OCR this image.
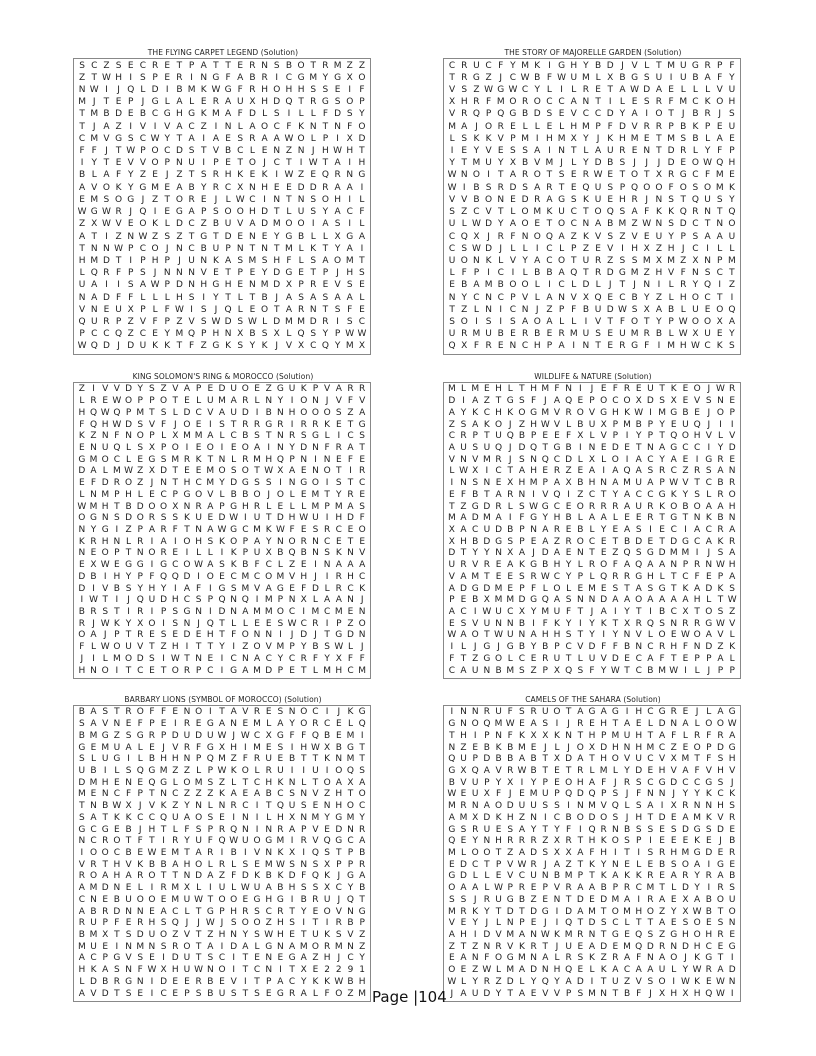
THE FLYING CARPET LEGEND (Solution)
S C Z S E C R E T P A T T E R N S B O T R M Z Z
Z T W H I S P E R I N G F A B R I C G M Y G X O
N W I	J Q L D I B M K W G F R H O H H S S E I F
M J T E P J G L A L E R A U X H D Q T R G S O P
T M B D E B C G H G K M A F D L S I L L F D S Y
T J A Z I V I V A C Z I N L A O C F K N T N F O
C M V G S C W Y T A I A E S R A A W O L P I X D
F F J T W P O C D S T V B C L E N Z N J H W H T
I Y T E V V O P N U I P E T O J C T I W T A I H
B L A F Y Z E J Z T S R H K E K I W Z E Q R N G
A V O K Y G M E A B Y R C X N H E E D D R A A I
E M S O G J Z T O R E J L W C I N T N S O H I L
W G W R J Q I E G A P S O O H D T L U S Y A C F
Z X W V E O K L D C Z B U V A D M O O I A S I L
A T I Z N W Z S Z T G T D E N E Y G B L L X G A
T N N W P C O J N C B U P N T N T M L K T Y A I
H M D T I P H P J U N K A S M S H F L S A O M T
L Q R F P S J N N N V E T P E Y D G E T P J H S
U A I	I S A W P D N H G H E N M D X P R E V S E
N A D F F L L L H S I Y T L T B J A S A S A A L
V N E U X P L F W I S J Q L E O T A R N T S F E
Q U R P Z V F P Z V S W D S W L D M M D R I S C
P C C Q Z C E Y M Q P H N X B S X L Q S Y P W W
W Q D J D U K K T F Z G K S Y K J V X C Q Y M X
THE STORY OF MAJORELLE GARDEN (Solution)
C R U C F Y M K I G H Y B D J V L T M U G R P F
T R G Z J C W B F W U M L X B G S U I U B A F Y
V S Z W G W C Y L I L R E T A W D A E L L L V U
X H R F M O R O C C A N T I L E S R F M C K O H
V R Q P Q G B D S E V C C D Y A I O T J B R J S
M A J O R E L L E L H M P F D V R R P B K P E U
L S K K V P M I H M X Y J K H M E T M S B L A E
I E Y V E S S A I N T L A U R E N T D R L Y F P
Y T M U Y X B V M J L Y D B S J	J	J D E O W Q H
W N O I T A R O T S E R W E T O T X R G C F M E
W I B S R D S A R T E Q U S P Q O O F O S O M K
V V B O N E D R A G S K U E H R J N S T Q U S Y
S Z C V T L O M K U C T O Q S A F K K Q R N T Q
U L W D Y A O E T O C N A B M Z W N S D C T N O
C Q X J R F N O Q A Z K V S Z V E U Y P S A A U
C S W D J L L I C L P Z E V I H X Z H J C I L L
U O N K L V Y A C O T U R Z S S M X M Z X N P M
L F P I C I L B B A Q T R D G M Z H V F N S C T
E B A M B O O L I C L D L J T J N I L R Y Q I Z
N Y C N C P V L A N V X Q E C B Y Z L H O C T I
T Z L N I C N J Z P F B U D W S X A B L U E O Q
S O I S I S A O A L L I V T F O T Y P W O O X A
U R M U B E R B E R M U S E U M R B L W X U E Y
Q X F R E N C H P A I N T E R G F I M H W C K S
KING SOLOMON'S RING & MOROCCO (Solution)
Z I V V D Y S Z V A P E D U O E Z G U K P V A R R
L R E W O P P O T E L U M A R L N Y I O N J V F V
H Q W Q P M T S L D C V A U D I B N H O O O S Z A
F Q H W D S V F J O E I S T R R G R I R R K E T G
K Z N F N O P L X M M A L C B S T N R S G L I C S
E N U Q L S X P O I E O I E O A I N Y D N F R A T
G M O C L E G S M R K T N L R M H Q P N I N E F E
D A L M W Z X D T E E M O S O T W X A E N O T I R
E F D R O Z J N T H C M Y D G S S I N G O I S T C
L N M P H L E C P G O V L B B O J O L E M T Y R E
W M H T B D O O X N R A P G H R L E L L M P M A S
O G N S D O R S S K U E D W I U T D H W U I H D F
N Y G I Z P A R F T N A W G C M K W F E S R C E O
K R H N L R I A I O H S K O P A Y N O R N C E T E
N E O P T N O R E I L L I K P U X B Q B N S K N V
E X W E G G I G C O W A S K B F C L Z E I N A A A
D B I H Y P F Q Q D I O E C M C O M V H J	I R H C
D I V B S Y H Y I A F I G S M V A G E F D L R C K
I W T I	J Q U D H C S P Q N Q I M P N X L A A N J
B R S T I R I P S G N I D N A M M O C I M C M E N
R J W K Y X O I S N J Q T L L E E S W C R I P Z O
O A J P T R E S E D E H T F O N N I	J D J T G D N
F L W O U V T Z H I T T Y I Z O V M P Y B S W L J
J	I L M O D S I W T N E I C N A C Y C R F Y X F F
H N O I T C E T O R P C I G A M D P E T L M H C M
WILDLIFE & NATURE (Solution)
M L M E H L T H M F N I	J E F R E U T K E O J W R
D I A Z T G S F J A Q E P O C O X D S X E V S N E
A Y K C H K O G M V R O V G H K W I M G B E J O P
Z S A K O J Z H W V L B U X P M B P Y E U Q J	I	I
C R P T U Q B P E E F X L V P I Y P T Q O H V L V
A U S U Q J D Q T G B I N E D E T N A G C C I Y D
V N V M R J S N Q C D L X L O I A C Y A E I G R E
L W X I C T A H E R Z E A I A Q A S R C Z R S A N
I N S N E X H M P A X B H N A M U A P W V T C B R
E F B T A R N I V Q I Z C T Y A C C G K Y S L R O
T Z G D R L S W G C E O R R R A U R K O B O A A H
M A D M A I F G Y H B L A A L E E R T G T N K B N
X A C U D B P N A R E B L Y E A S I E C I A C R A
X H B D G S P E A Z R O C E T B D E T D G C A K R
D T Y Y N X A J D A E N T E Z Q S G D M M I	J S A
U R V R E A K G B H Y L R O F A Q A A N P R N W H
V A M T E E S R W C Y P L Q R R G H L T C F E P A
A D G D M E P F L O L E M E S T A S G T K A D K S
P E B X M M D G Q A S N N D A A O A A A A H L T W
A C I W U C X Y M U F T J A I Y T I B C X T O S Z
E S V U N N B I F K Y I Y K T X R Q S N R R G W V
W A O T W U N A H H S T Y I Y N V L O E W O A V L
I L J G J G B Y B P C V D F F B N C R H F N D Z K
F T Z G O L C E R U T L U V D E C A F T E P P A L
C A U N B M S Z P X Q S F Y W T C B M W I L J P P
BARBARY LIONS (SYMBOL OF MOROCCO) (Solution)
B A S T R O F F E N O I T A V R E S N O C I	J K G
S A V N E F P E I R E G A N E M L A Y O R C E L Q
B M G Z S G R P D U D U W J W C X G F F Q B E M I
G E M U A L E J V R F G X H I M E S I H W X B G T
S L U G I L B H H N P Q M Z F R U E B T T K N M T
U B I L S Q G M Z Z L P W K O L R U I	I U I O Q S
D M H E N E Q G L O M S Z L T C H K N L T O A X A
M E N C F P T N C Z Z Z K A E A B C S N V Z H T O
T N B W X J V K Z Y N L N R C I T Q U S E N H O C
S A T K K C C Q U A O S E I N I L H X N M Y G M Y
G C G E B J H T L F S P R Q N I N R A P V E D N R
N C R O T F T I R Y U F Q W U O G M I R V Q G C A
I O O C B E W E M T A R I B I V N K X I Q S T P B
V R T H V K B B A H O L R L S E M W S N S X P P R
R O A H A R O T T N D A Z F D K B K D F Q K J G A
A M D N E L I R M X L I U L W U A B H S S X C Y B
C N E B U O O E M U W T O O E G H G I B R U J Q T
A B R D N N E A C L T G P H R S C R T Y E O V N G
R U P F E R H S Q J	J W J S O O Z H S I T I R B P
B M X T S D U O Z V T Z H N Y S W H E T U K S V Z
M U E I N M N S R O T A I D A L G N A M O R M N Z
A C P G V S E I D U T S C I T E N E G A Z H J C Y
H K A S N F W X H U W N O I T C N I T X E 2 2 9 1
L D B R G N I D E E R B E V I T P A C Y K K W B H
A V D T S E I C E P S B U S T S E G R A L F O Z M
CAMELS OF THE SAHARA (Solution)
I N N R U F S R U O T A G A G I H C G R E J L A G
G N O Q M W E A S I	J R E H T A E L D N A L O O W
T H I P N F K X X K N T H P M U H T A F L R F R A
N Z E B K B M E J L J O X D H N H M C Z E O P D G
Q U P D B B A B T X D A T H O V U C V X M T F S H
G X Q A V R W B T E T R L M L Y D E H V A F V H V
B V U P Y X I Y P E O H A F J R S C G D C C G S J
W E U X F J E M U P Q D Q P S J F N N J Y Y K C K
M R N A O D U U S S I N M V Q L S A I X R N N H S
A M X D K H Z N I C B O D O S J H T D E A M K V R
G S R U E S A Y T Y F I Q R N B S S E S D G S D E
Q E Y N H R R R Z X R T H K O S P I E E E K E J B
M L O O T Z A D S X X A F H I T I S R H M G D E R
E D C T P V W R J A Z T K Y N E L E B S O A I G E
G D L L E V C U N B M P T K A K K R E A R Y R A B
O A A L W P R E P V R A A B P R C M T L D Y I R S
S S J R U G B Z E N T D E D M A I R A E X A B O U
M R K Y T D T D G I D A M T O M H O Z Y X W B T O
V E Y J L N P E J	I Q T D S C L T T A E S O E S N
A H I D V M A N W K M R N T G E Q S Z G H O H R E
Z T Z N R V K R T J U E A D E M Q D R N D H C E G
E A N F O G M N A L R S K Z R A F N A O J K G T I
O E Z W L M A D N H Q E L K A C A A U L Y W R A D
W L Y R Z D L Y Q Y A D I T U Z V S O I W K E W N
J A U D Y T A E V V P S M N T B F J X H X H Q W I
Page |104
